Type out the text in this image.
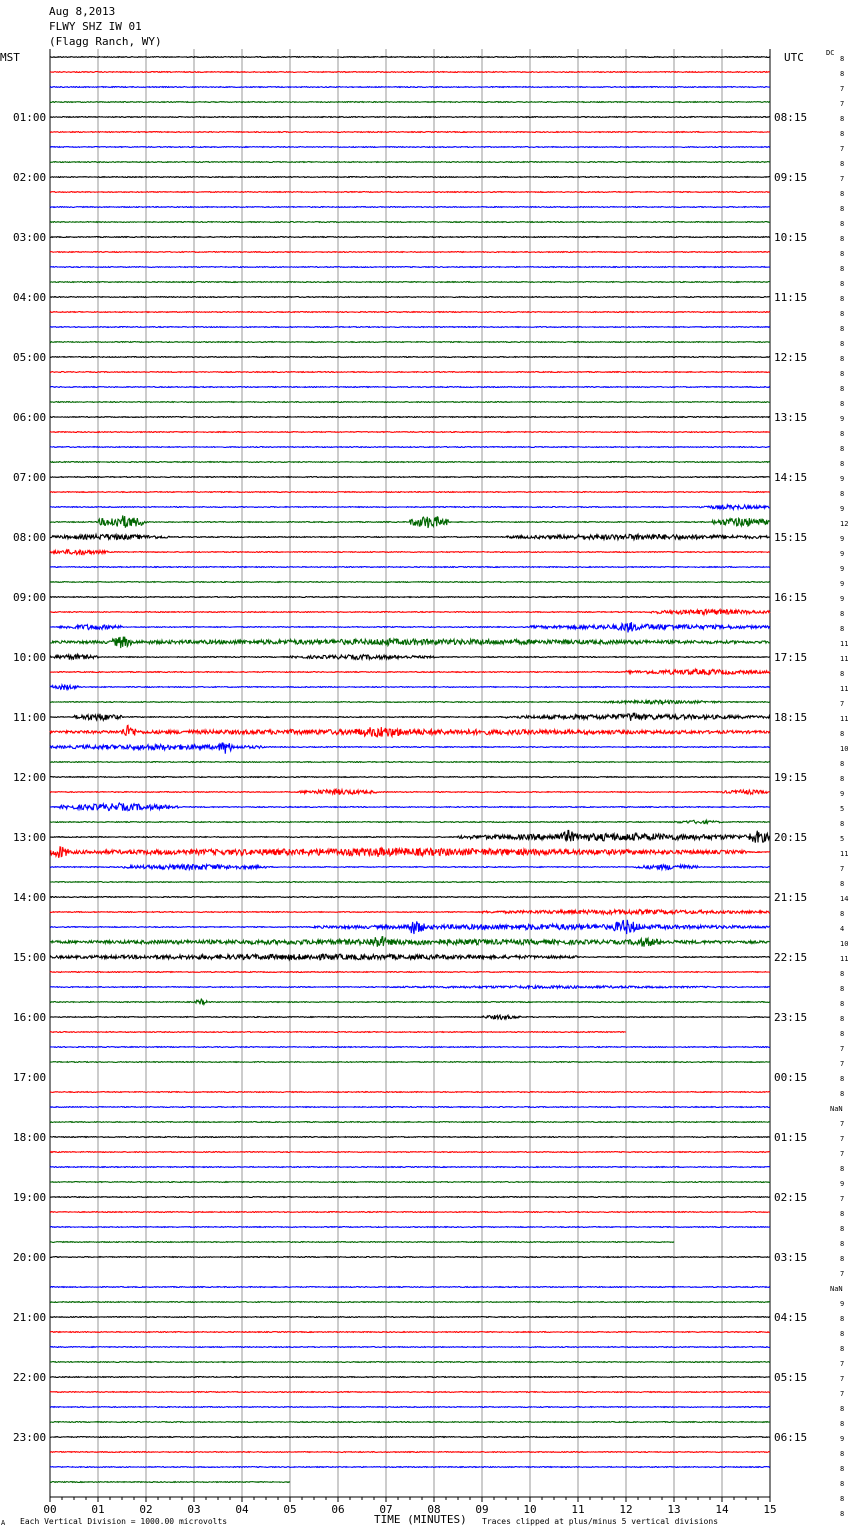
Aug 8,2013
FLWY SHZ IW 01
(Flagg Ranch, WY)
MST	UTC	DC
00	01	02	03	04	05	06	07	08	09	10	11	12	13	14	15
01:00
02:00
03:00
04:00
05:00
06:00
07:00
08:00
09:00
10:00
11:00
12:00
13:00
14:00
15:00
16:00
17:00
18:00
19:00
20:00
21:00
22:00
23:00
08:15
09:15
10:15
11:15
12:15
13:15
14:15
15:15
16:15
17:15
18:15
19:15
20:15
21:15
22:15
23:15
00:15
01:15
02:15
03:15
04:15
05:15
06:15
8
8
7
7
8
8
7
8
7
8
8
8
8
8
8
8
8
8
8
8
8
8
8
8
9
8
8
8
9
8
9
12
9
9
9
9
9
8
8
11
11
8
11
7
11
8
10
8
8
9
5
8
5
11
7
8
14
8
4
10
11
8
8
8
8
8
7
7
8
8
NaN
7
7
7
8
9
7
8
8
8
8
7
NaN
9
8
8
8
7
7
7
8
8
9
8
8
8
8
8
A Each Vertical Division = 1000.00 microvolts	TIME (MINUTES) Traces clipped at plus/minus 5 vertical divisions
